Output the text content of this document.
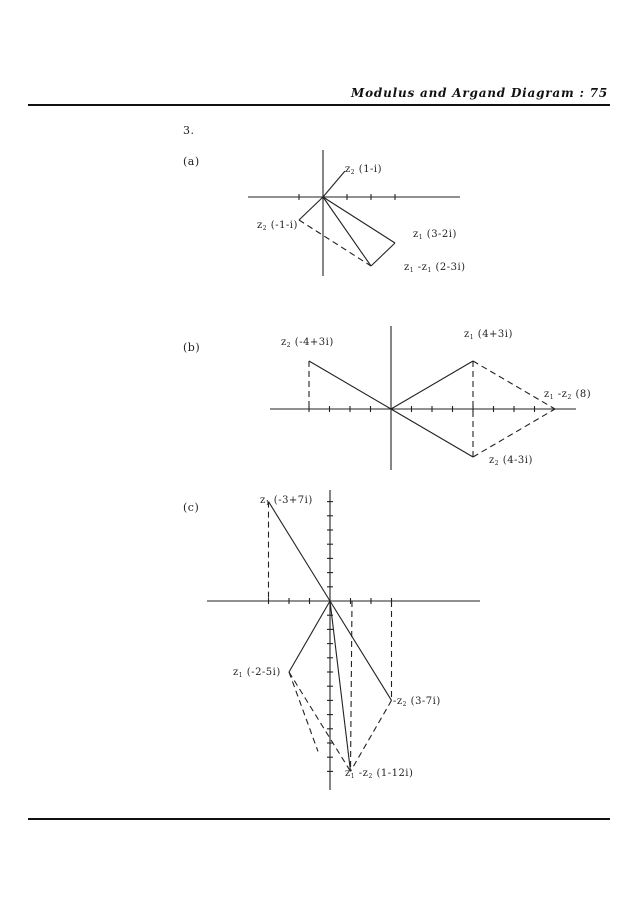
Modulus and Argand Diagram : 75
3.
(a)
(b)
(c)
$z_2$ (1-i)
$z_2$ (-1-i)
$z_1$ (3-2i)
$z_1$ $-z_1$ (2-3i)
$z_2$ (-4+3i)
$z_1$ (4+3i)
$z_1$ $-z_2$ (8)
$z_2$ (4-3i)
$z_1$ (-3+7i)
$z_1$ (-2-5i)
$-z_2$ (3-7i)
$z_1$ $-z_2$ (1-12i)
